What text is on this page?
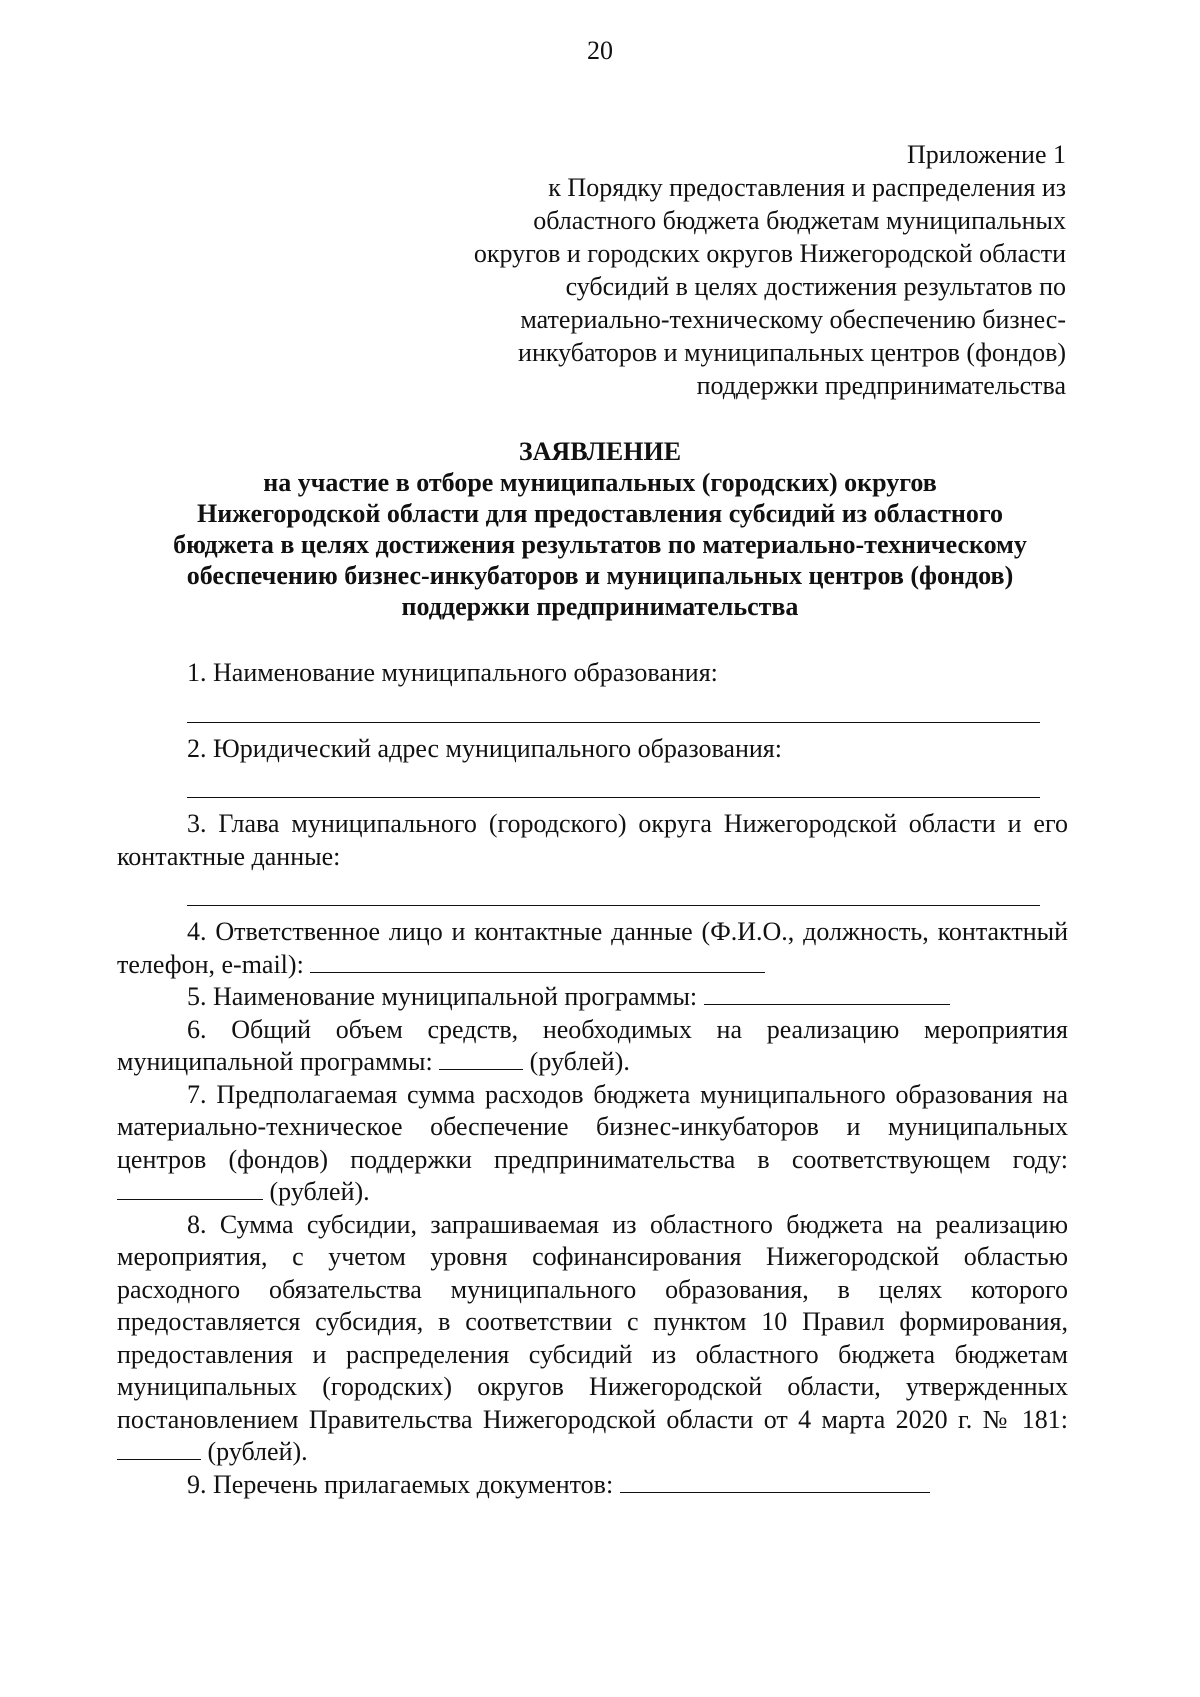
20
Приложение 1
к Порядку предоставления и распределения из
областного бюджета бюджетам муниципальных
округов и городских округов Нижегородской области
субсидий в целях достижения результатов по
материально-техническому обеспечению бизнес-
инкубаторов и муниципальных центров (фондов)
поддержки предпринимательства
ЗАЯВЛЕНИЕ
на участие в отборе муниципальных (городских) округов
Нижегородской области для предоставления субсидий из областного
бюджета в целях достижения результатов по материально-техническому
обеспечению бизнес-инкубаторов и муниципальных центров (фондов)
поддержки предпринимательства
1. Наименование муниципального образования:
2. Юридический адрес муниципального образования:

3. Глава муниципального (городского) округа Нижегородской области и его контактные данные:

4. Ответственное лицо и контактные данные (Ф.И.О., должность, контактный телефон, e-mail):

5. Наименование муниципальной программы:

6. Общий объем средств, необходимых на реализацию мероприятия муниципальной программы:	(рублей).

7. Предполагаемая сумма расходов бюджета муниципального образования на материально-техническое обеспечение бизнес-инкубаторов и муниципальных центров (фондов) поддержки предпринимательства в соответствующем году:  (рублей).

8. Сумма субсидии, запрашиваемая из областного бюджета на реализацию мероприятия, с учетом уровня софинансирования Нижегородской областью расходного обязательства муниципального образования, в целях которого предоставляется субсидия, в соответствии с пунктом 10 Правил формирования, предоставления и распределения субсидий из областного бюджета бюджетам муниципальных (городских) округов Нижегородской области, утвержденных постановлением Правительства Нижегородской области от 4 марта 2020 г. № 181:  (рублей).

9. Перечень прилагаемых документов:
